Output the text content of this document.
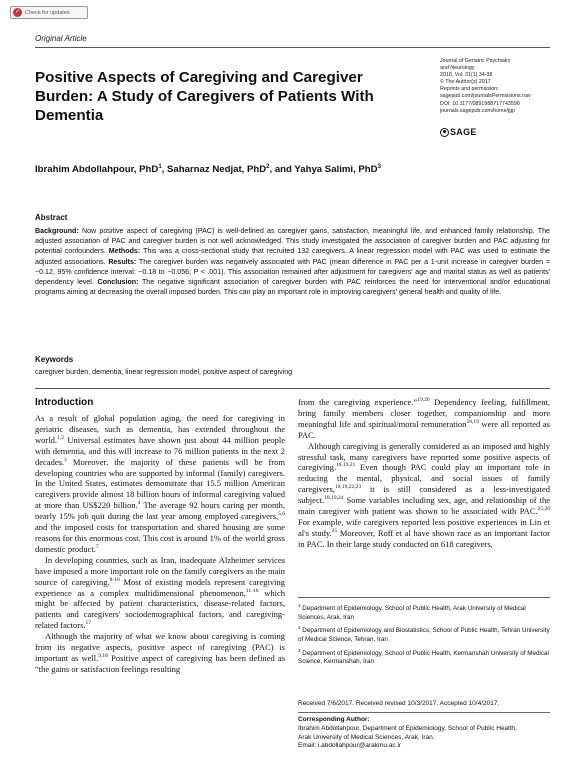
✓ Check for updates
Original Article
Positive Aspects of Caregiving and Caregiver Burden: A Study of Caregivers of Patients With Dementia
Journal of Geriatric Psychiatry
and Neurology
2018, Vol. 31(1) 34-38
© The Author(s) 2017
Reprints and permission:
sagepub.com/journalsPermissions.nav
DOI: 10.1177/0891988717743590
journals.sagepub.com/home/jgp
SAGE
Ibrahim Abdollahpour, PhD$^1$, Saharnaz Nedjat, PhD$^2$, and Yahya Salimi, PhD$^3$
Abstract
Background: Now positive aspect of caregiving (PAC) is well-defined as caregiver gains, satisfaction, meaningful life, and enhanced family relationship. The adjusted association of PAC and caregiver burden is not well acknowledged. This study investigated the association of caregiver burden and PAC adjusting for potential confounders. Methods: This was a cross-sectional study that recruited 132 caregivers. A linear regression model with PAC was used to estimate the adjusted associations. Results: The caregiver burden was negatively associated with PAC (mean difference in PAC per a 1-unit increase in caregiver burden = −0.12, 95% confidence interval: −0.18 to −0.056; P < .001). This association remained after adjustment for caregivers' age and marital status as well as patients' dependency level. Conclusion: The negative significant association of caregiver burden with PAC reinforces the need for interventional and/or educational programs aiming at decreasing the overall imposed burden. This can play an important role in improving caregivers' general health and quality of life.
Keywords
caregiver burden, dementia, linear regression model, positive aspect of caregiving
Introduction

As a result of global population aging, the need for caregiving in geriatric diseases, such as dementia, has extended throughout the world.$^{1,2}$ Universal estimates have shown just about 44 million people with dementia, and this will increase to 76 million patients in the next 2 decades.$^3$ Moreover, the majority of these patients will be from developing countries who are supported by informal (family) caregivers. In the United States, estimates demonstrate that 15.5 million American caregivers provide almost 18 billion hours of informal caregiving valued at more than US$220 billion.$^4$ The average 92 hours caring per month, nearly 15% job quit during the last year among employed caregivers,$^{5,6}$ and the imposed costs for transportation and shared housing are some reasons for this enormous cost. This cost is around 1% of the world gross domestic product.$^7$

In developing countries, such as Iran, inadequate Alzheimer services have imposed a more important role on the family caregivers as the main source of caregiving.$^{8-10}$ Most of existing models represent caregiving experience as a complex multidimensional phenomenon,$^{11-16}$ which might be affected by patient characteristics, disease-related factors, patients and caregivers' sociodemographical factors, and caregiving-related factors.$^{17}$

Although the majority of what we know about caregiving is coming from its negative aspects, positive aspect of caregiving (PAC) is important as well.$^{9,18}$ Positive aspect of caregiving has been defined as “the gains or satisfaction feelings resulting

from the caregiving experience.”$^{19,20}$ Dependency feeling, fulfillment, bring family members closer together, companionship and more meaningful life and spiritual/moral remuneration$^{18,19}$ were all reported as PAC.

Although caregiving is generally considered as an imposed and highly stressful task, many caregivers have reported some positive aspects of caregiving.$^{18,19,21}$ Even though PAC could play an important role in reducing the mental, physical, and social issues of family caregivers,$^{18,19,22,23}$ it is still considered as a less-investigated subject.$^{18,19,24}$ Some variables including sex, age, and relationship of the main caregiver with patient was shown to be associated with PAC.$^{25,26}$ For example, wife caregivers reported less positive experiences in Lin et al's study.$^{25}$ Moreover, Roff et al have shown race as an important factor in PAC. In their large study conducted on 618 caregivers,

$^1$ Department of Epidemiology, School of Public Health, Arak University of Medical Sciences, Arak, Iran
$^2$ Department of Epidemiology and Biostatistics, School of Public Health, Tehran University of Medical Science, Tehran, Iran
$^3$ Department of Epidemiology, School of Public Health, Kermanshah University of Medical Science, Kermanshah, Iran
Received 7/6/2017. Received revised 10/3/2017. Accepted 10/4/2017.
Corresponding Author:
Ibrahim Abdollahpour, Department of Epidemiology, School of Public Health,
Arak University of Medical Sciences, Arak, Iran.
Email: i.abdollahpour@arakmu.ac.ir
